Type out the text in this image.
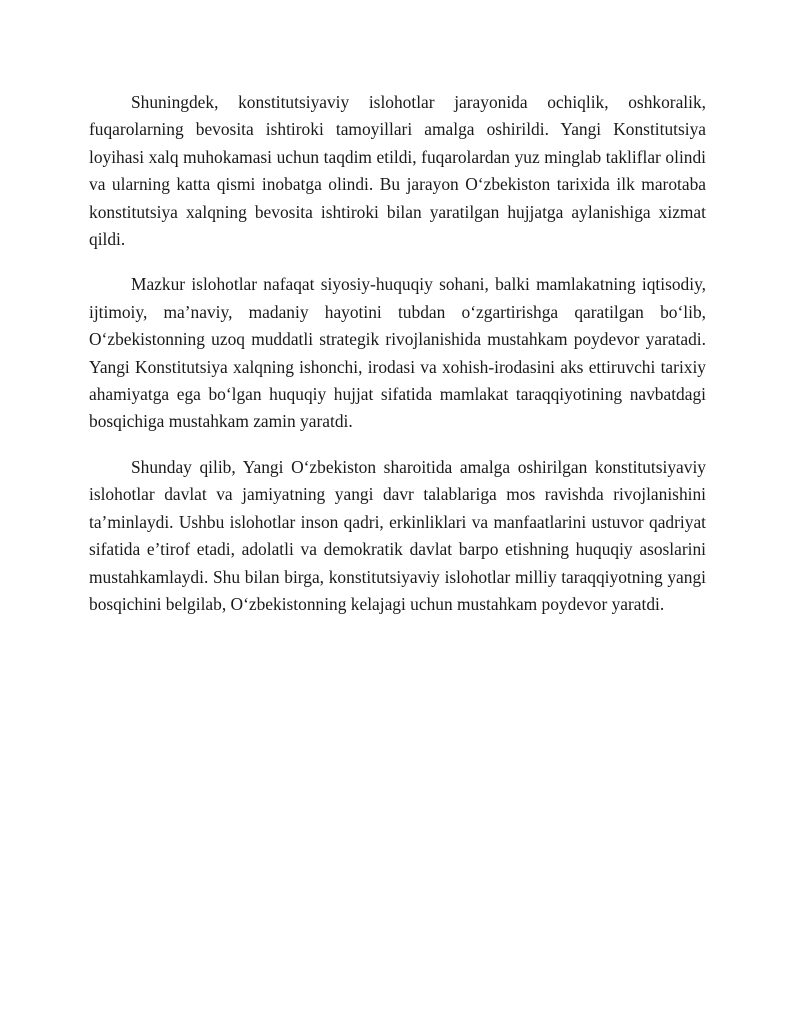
Shuningdek, konstitutsiyaviy islohotlar jarayonida ochiqlik, oshkoralik, fuqarolarning bevosita ishtiroki tamoyillari amalga oshirildi. Yangi Konstitutsiya loyihasi xalq muhokamasi uchun taqdim etildi, fuqarolardan yuz minglab takliflar olindi va ularning katta qismi inobatga olindi. Bu jarayon O‘zbekiston tarixida ilk marotaba konstitutsiya xalqning bevosita ishtiroki bilan yaratilgan hujjatga aylanishiga xizmat qildi.

Mazkur islohotlar nafaqat siyosiy-huquqiy sohani, balki mamlakatning iqtisodiy, ijtimoiy, ma’naviy, madaniy hayotini tubdan o‘zgartirishga qaratilgan bo‘lib, O‘zbekistonning uzoq muddatli strategik rivojlanishida mustahkam poydevor yaratadi. Yangi Konstitutsiya xalqning ishonchi, irodasi va xohish-irodasini aks ettiruvchi tarixiy ahamiyatga ega bo‘lgan huquqiy hujjat sifatida mamlakat taraqqiyotining navbatdagi bosqichiga mustahkam zamin yaratdi.

Shunday qilib, Yangi O‘zbekiston sharoitida amalga oshirilgan konstitutsiyaviy islohotlar davlat va jamiyatning yangi davr talablariga mos ravishda rivojlanishini ta’minlaydi. Ushbu islohotlar inson qadri, erkinliklari va manfaatlarini ustuvor qadriyat sifatida e’tirof etadi, adolatli va demokratik davlat barpo etishning huquqiy asoslarini mustahkamlaydi. Shu bilan birga, konstitutsiyaviy islohotlar milliy taraqqiyotning yangi bosqichini belgilab, O‘zbekistonning kelajagi uchun mustahkam poydevor yaratdi.
